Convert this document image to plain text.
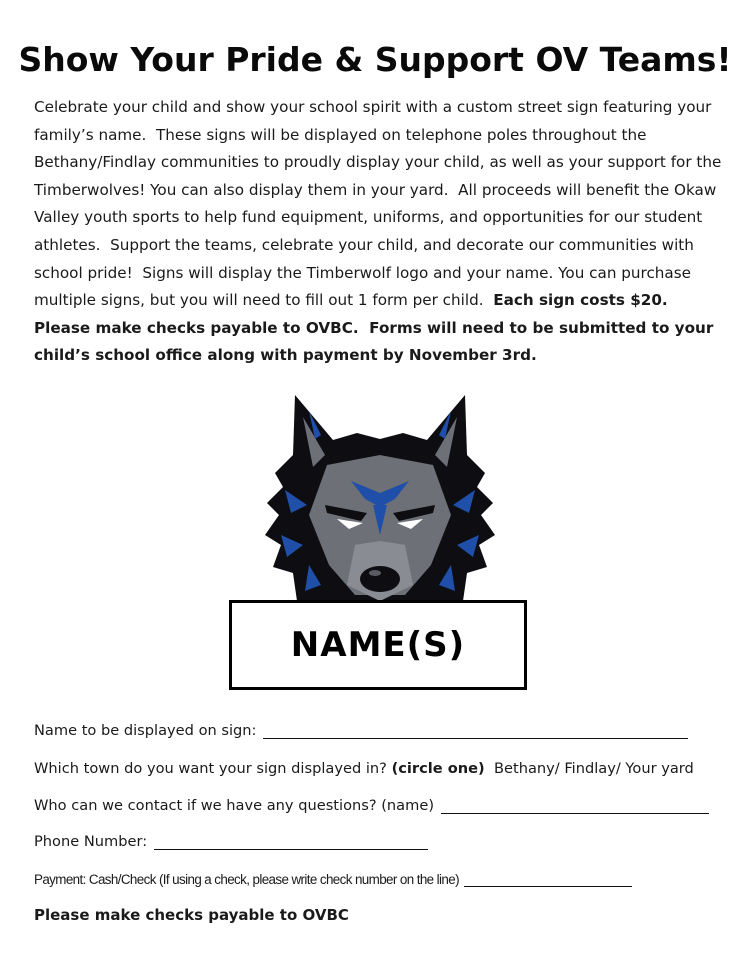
Show Your Pride & Support OV Teams!
Celebrate your child and show your school spirit with a custom street sign featuring your family’s name.  These signs will be displayed on telephone poles throughout the Bethany/Findlay communities to proudly display your child, as well as your support for the Timberwolves! You can also display them in your yard.  All proceeds will benefit the Okaw Valley youth sports to help fund equipment, uniforms, and opportunities for our student athletes.  Support the teams, celebrate your child, and decorate our communities with school pride!  Signs will display the Timberwolf logo and your name. You can purchase multiple signs, but you will need to fill out 1 form per child. Each sign costs $20.  Please make checks payable to OVBC.  Forms will need to be submitted to your child’s school office along with payment by November 3rd.
NAME(S)
Name to be displayed on sign:
Which town do you want your sign displayed in? (circle one) Bethany/ Findlay/ Your yard
Who can we contact if we have any questions? (name)
Phone Number:
Payment: Cash/Check (If using a check, please write check number on the line)
Please make checks payable to OVBC
